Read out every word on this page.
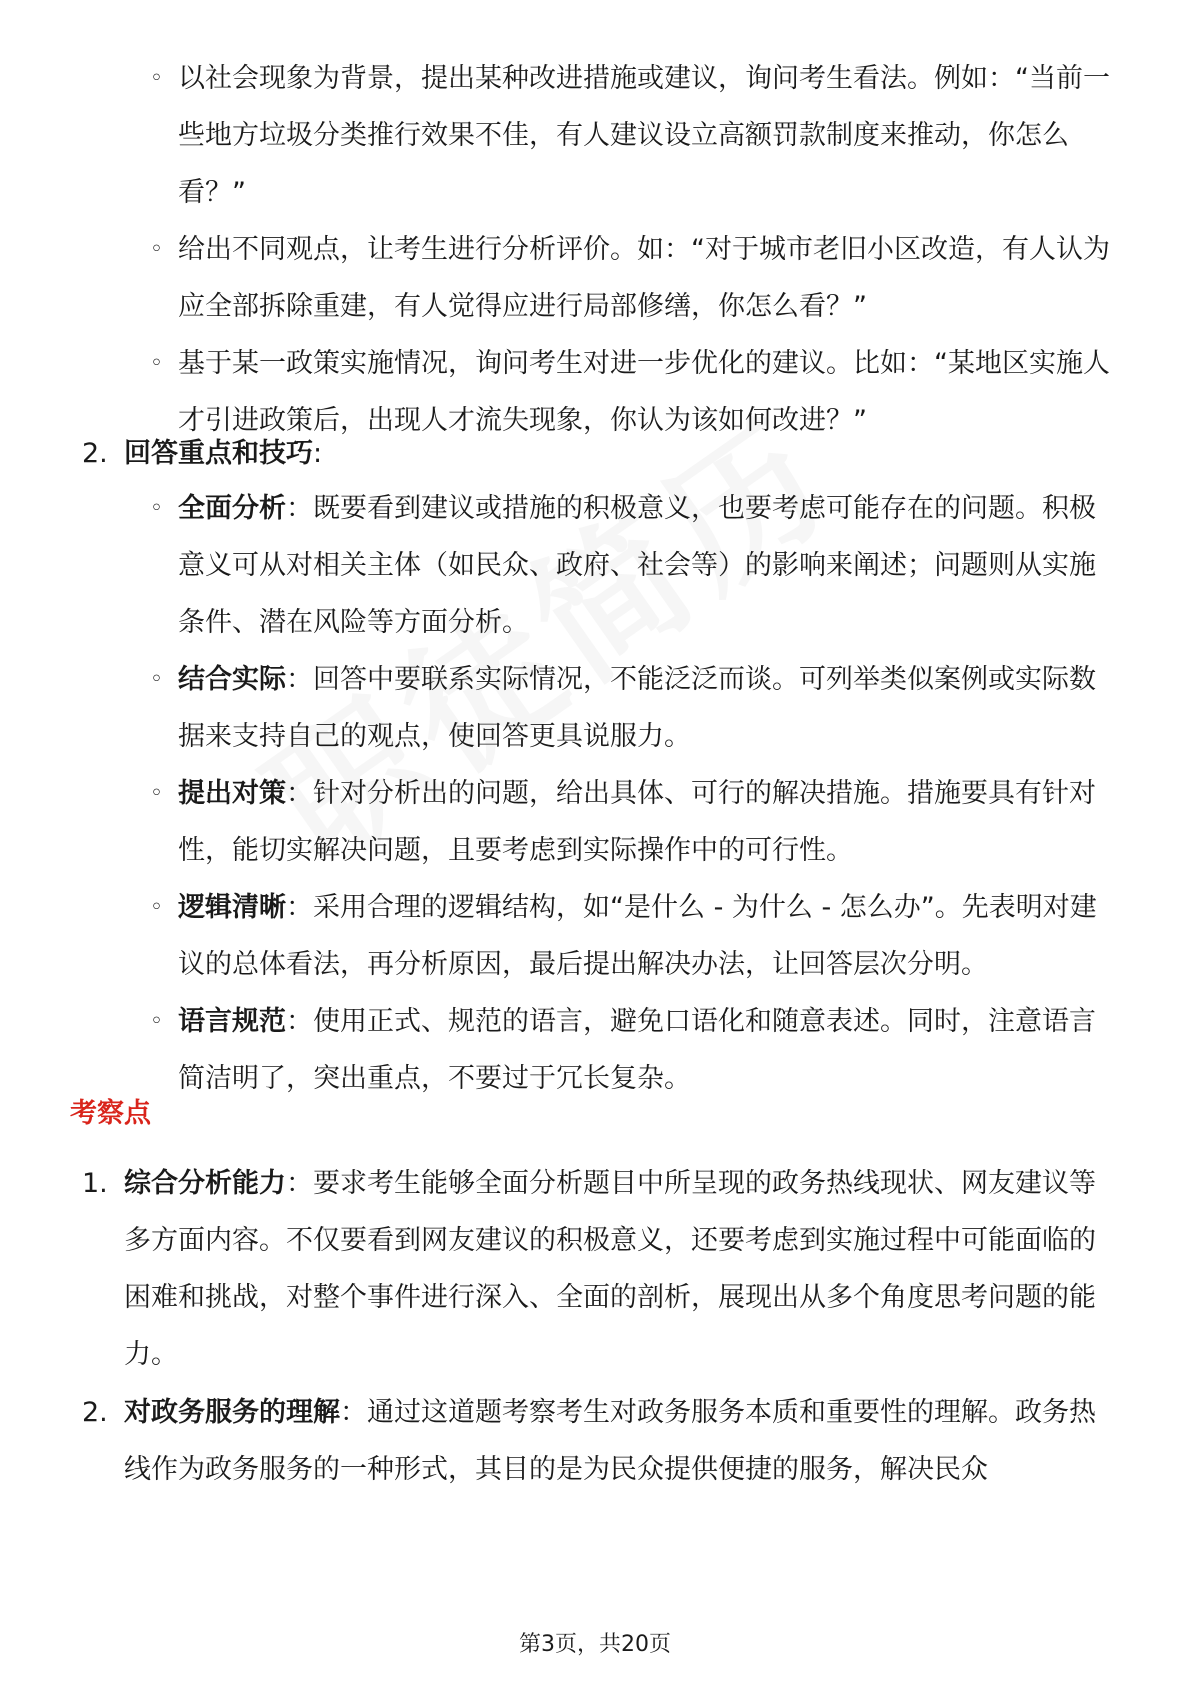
◦ 以社会现象为背景，提出某种改进措施或建议，询问考生看法。例如：“当前一些地方垃圾分类推行效果不佳，有人建议设立高额罚款制度来推动，你怎么看？”
◦ 给出不同观点，让考生进行分析评价。如：“对于城市老旧小区改造，有人认为应全部拆除重建，有人觉得应进行局部修缮，你怎么看？”
◦ 基于某一政策实施情况，询问考生对进一步优化的建议。比如：“某地区实施人才引进政策后，出现人才流失现象，你认为该如何改进？”
2. 回答重点和技巧:
◦ 全面分析：既要看到建议或措施的积极意义，也要考虑可能存在的问题。积极意义可从对相关主体（如民众、政府、社会等）的影响来阐述；问题则从实施条件、潜在风险等方面分析。
◦ 结合实际：回答中要联系实际情况，不能泛泛而谈。可列举类似案例或实际数据来支持自己的观点，使回答更具说服力。
◦ 提出对策：针对分析出的问题，给出具体、可行的解决措施。措施要具有针对性，能切实解决问题，且要考虑到实际操作中的可行性。
◦ 逻辑清晰：采用合理的逻辑结构，如“是什么 - 为什么 - 怎么办”。先表明对建议的总体看法，再分析原因，最后提出解决办法，让回答层次分明。
◦ 语言规范：使用正式、规范的语言，避免口语化和随意表述。同时，注意语言简洁明了，突出重点，不要过于冗长复杂。
考察点
1. 综合分析能力：要求考生能够全面分析题目中所呈现的政务热线现状、网友建议等多方面内容。不仅要看到网友建议的积极意义，还要考虑到实施过程中可能面临的困难和挑战，对整个事件进行深入、全面的剖析，展现出从多个角度思考问题的能力。
2. 对政务服务的理解：通过这道题考察考生对政务服务本质和重要性的理解。政务热线作为政务服务的一种形式，其目的是为民众提供便捷的服务，解决民众
第3页，共20页
